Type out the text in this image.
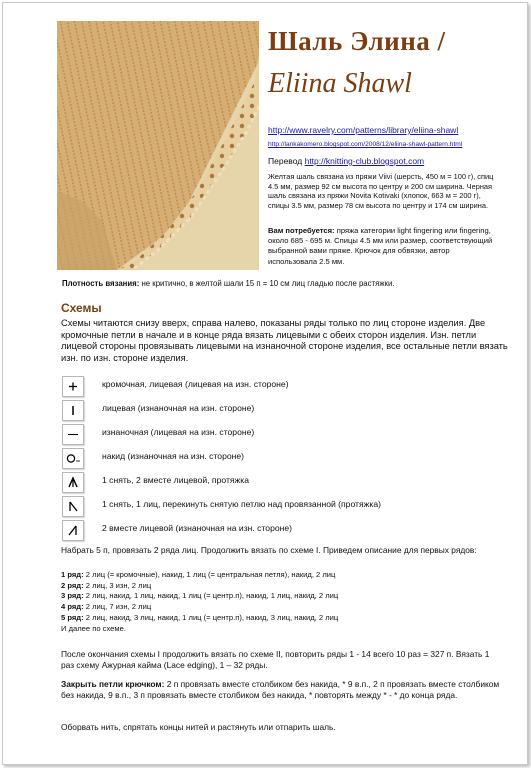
Шаль Элина /
Eliina Shawl
http://www.ravelry.com/patterns/library/eliina-shawl
http://lankakomero.blogspot.com/2008/12/eliina-shawl-pattern.html
Перевод http://knitting-club.blogspot.com
Желтая шаль связана из пряжи Viivi (шерсть, 450 м = 100 г), спиц 4.5 мм, размер 92 см высота по центру и 200 см ширина. Черная шаль связана из пряжи Novita Kotivaki (хлопок, 663 м = 200 г), спицы 3.5 мм, размер 78 см высота по центру и 174 см ширина.
Вам потребуется: пряжа категории light fingering или fingering, около 685 - 695 м. Спицы 4.5 мм или размер, соответствующий выбранной вами пряже. Крючок для обвязки, автор использовала 2.5 мм.
Плотность вязания: не критично, в желтой шали 15 п = 10 см лиц гладью после растяжки.
Схемы
Схемы читаются снизу вверх, справа налево, показаны ряды только по лиц стороне изделия. Две кромочные петли в начале и в конце ряда вязать лицевыми с обеих сторон изделия. Изн. петли лицевой стороны провязывать лицевыми на изнаночной стороне изделия, все остальные петли вязать изн. по изн. стороне изделия.
кромочная, лицевая (лицевая на изн. стороне)
лицевая (изнаночная на изн. стороне)
изнаночная (лицевая на изн. стороне)
накид (изнаночная на изн. стороне)
1 снять, 2 вместе лицевой, протяжка
1 снять, 1 лиц, перекинуть снятую петлю над провязанной (протяжка)
2 вместе лицевой (изнаночная на изн. стороне)
Набрать 5 п, провязать 2 ряда лиц. Продолжить вязать по схеме I. Приведем описание для первых рядов:
1 ряд: 2 лиц (= кромочные), накид, 1 лиц (= центральная петля), накид, 2 лиц
2 ряд: 2 лиц, 3 изн, 2 лиц
3 ряд: 2 лиц, накид, 1 лиц, накид, 1 лиц (= центр.п), накид, 1 лиц, накид, 2 лиц
4 ряд: 2 лиц, 7 изн, 2 лиц
5 ряд: 2 лиц, накид, 3 лиц, накид, 1 лиц (= центр.п), накид, 3 лиц, накид, 2 лиц
И далее по схеме.
После окончания схемы I продолжить вязать по схеме II, повторить ряды 1 - 14 всего 10 раз = 327 п. Вязать 1 раз схему Ажурная кайма (Lace edging), 1 – 32 ряды.
Закрыть петли крючком: 2 п провязать вместе столбиком без накида, * 9 в.п., 2 п провязать вместе столбиком без накида, 9 в.п., 3 п провязать вместе столбиком без накида, * повторять между * - * до конца ряда.
Оборвать нить, спрятать концы нитей и растянуть или отпарить шаль.
